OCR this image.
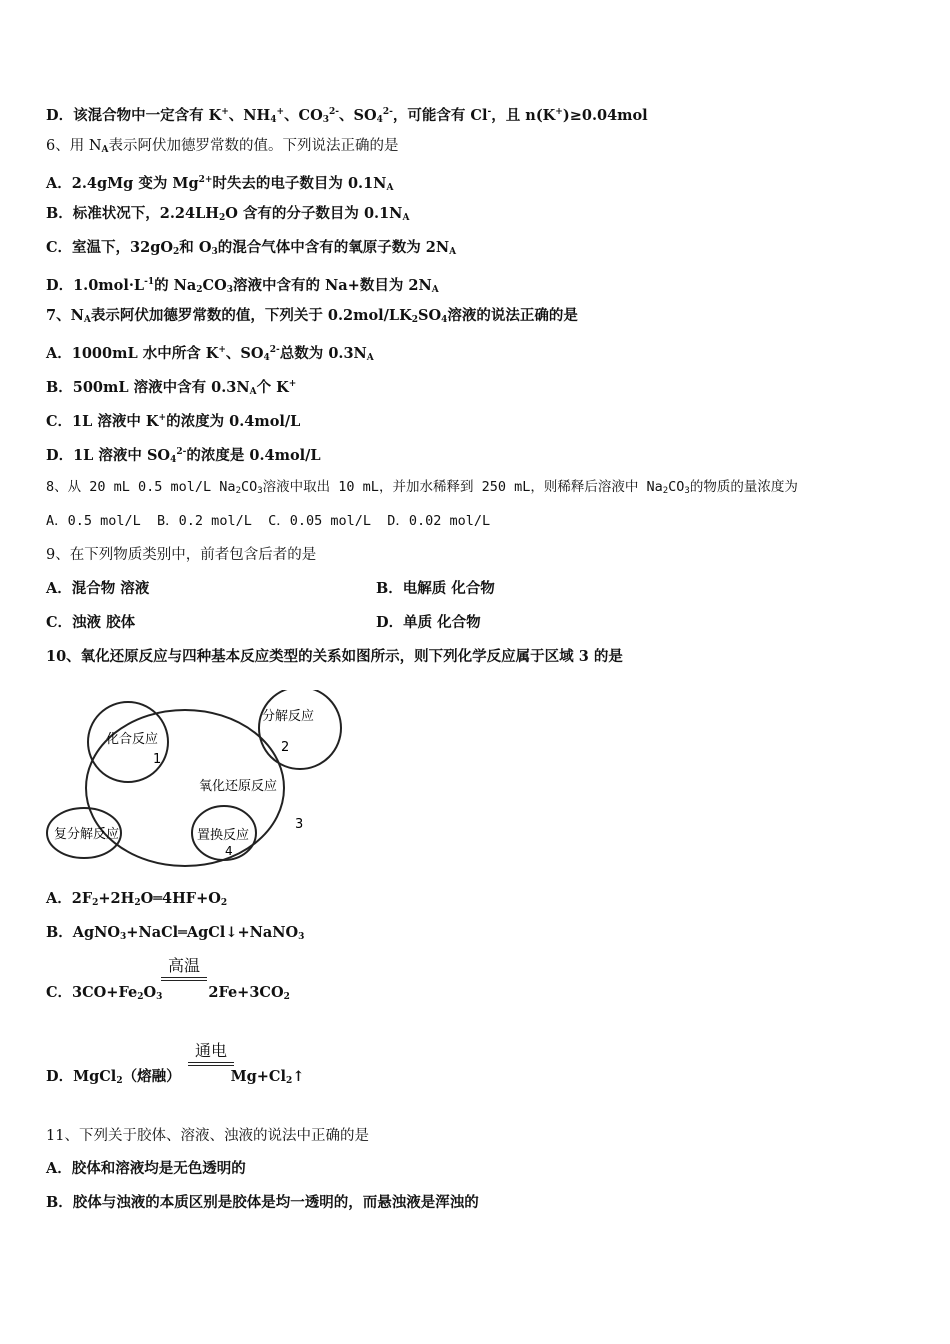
D．该混合物中一定含有 K+、$NH_4^+$、$CO_3^{2-}$、$SO_4^{2-}$，可能含有 Cl-，且 n(K+)≥0.04mol
6、用 $N_A$表示阿伏加德罗常数的值。下列说法正确的是
A．2.4gMg 变为 $Mg^{2+}$时失去的电子数目为 $0.1N_A$
B．标准状况下，$2.24LH_2O$ 含有的分子数目为 $0.1N_A$
C．室温下，$32gO_2$和 $O_3$的混合气体中含有的氧原子数为 $2N_A$
D．$1.0mol\cdot L^{-1}$的 $Na_2CO_3$溶液中含有的 Na+数目为 $2N_A$
7、$N_A$表示阿伏加德罗常数的值，下列关于 $0.2mol/LK_2SO_4$溶液的说法正确的是
A．1000mL 水中所含 K+、$SO_4^{2-}$总数为 $0.3N_A$
B．500mL 溶液中含有 $0.3N_A$个 K+
C．1L 溶液中 K+的浓度为 0.4mol/L
D．1L 溶液中 $SO_4^{2-}$的浓度是 0.4mol/L
8、从 20 mL 0.5 mol/L $Na_2CO_3$溶液中取出 10 mL，并加水稀释到 250 mL，则稀释后溶液中 $Na_2CO_3$的物质的量浓度为
A．0.5 mol/L B．0.2 mol/L C．0.05 mol/L D．0.02 mol/L
9、在下列物质类别中，前者包含后者的是
A．混合物 溶液	B．电解质 化合物
C．浊液 胶体	D．单质 化合物
10、氧化还原反应与四种基本反应类型的关系如图所示，则下列化学反应属于区域 3 的是
化合反应
1
分解反应
2
氧化还原反应
3
复分解反应	置换反应
4
A．$2F_2+2H_2O═4HF+O_2$
B．AgNO$_3$+NaCl═AgCl↓+NaNO$_3$
高温
C．$3CO+Fe_2O_3$	$2Fe+3CO_2$
通电
D．MgCl$_2$（熔融）	$Mg+Cl_2↑$
11、下列关于胶体、溶液、浊液的说法中正确的是
A．胶体和溶液均是无色透明的
B．胶体与浊液的本质区别是胶体是均一透明的，而悬浊液是浑浊的
